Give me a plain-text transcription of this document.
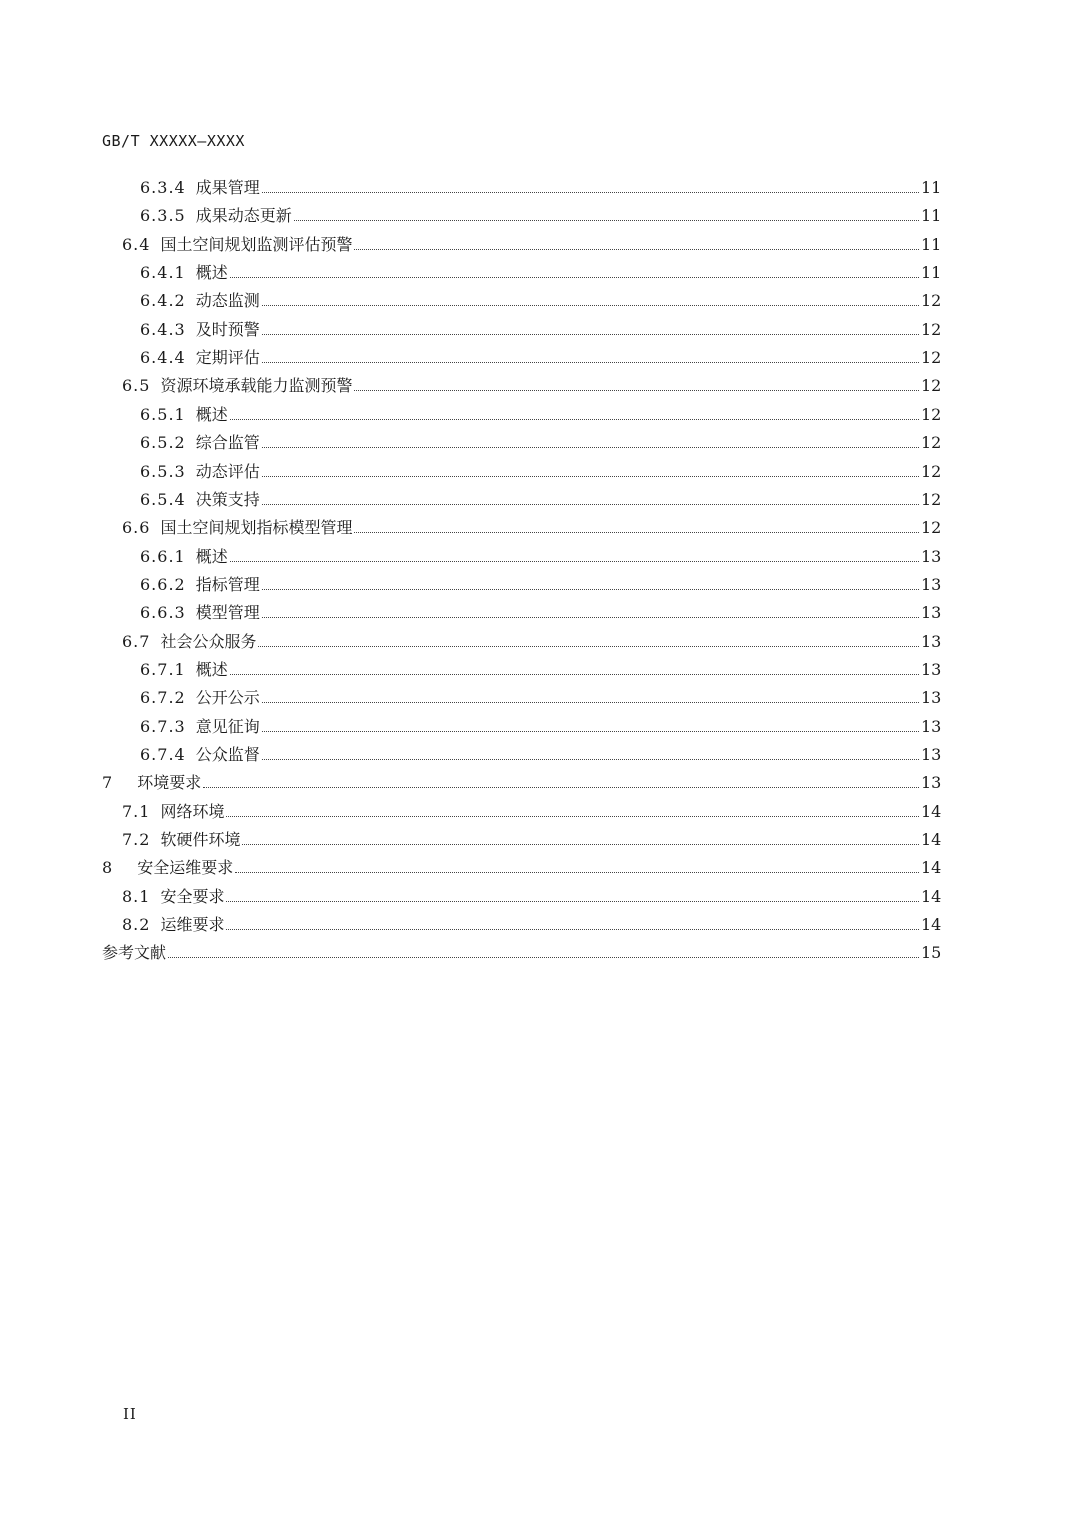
GB/T XXXXX—XXXX
6.3.4 成果管理	11
6.3.5 成果动态更新	11
6.4 国土空间规划监测评估预警	11
6.4.1 概述	11
6.4.2 动态监测	12
6.4.3 及时预警	12
6.4.4 定期评估	12
6.5 资源环境承载能力监测预警	12
6.5.1 概述	12
6.5.2 综合监管	12
6.5.3 动态评估	12
6.5.4 决策支持	12
6.6 国土空间规划指标模型管理	12
6.6.1 概述	13
6.6.2 指标管理	13
6.6.3 模型管理	13
6.7 社会公众服务	13
6.7.1 概述	13
6.7.2 公开公示	13
6.7.3 意见征询	13
6.7.4 公众监督	13
7 环境要求	13
7.1 网络环境	14
7.2 软硬件环境	14
8 安全运维要求	14
8.1 安全要求	14
8.2 运维要求	14
参考文献	15
II
